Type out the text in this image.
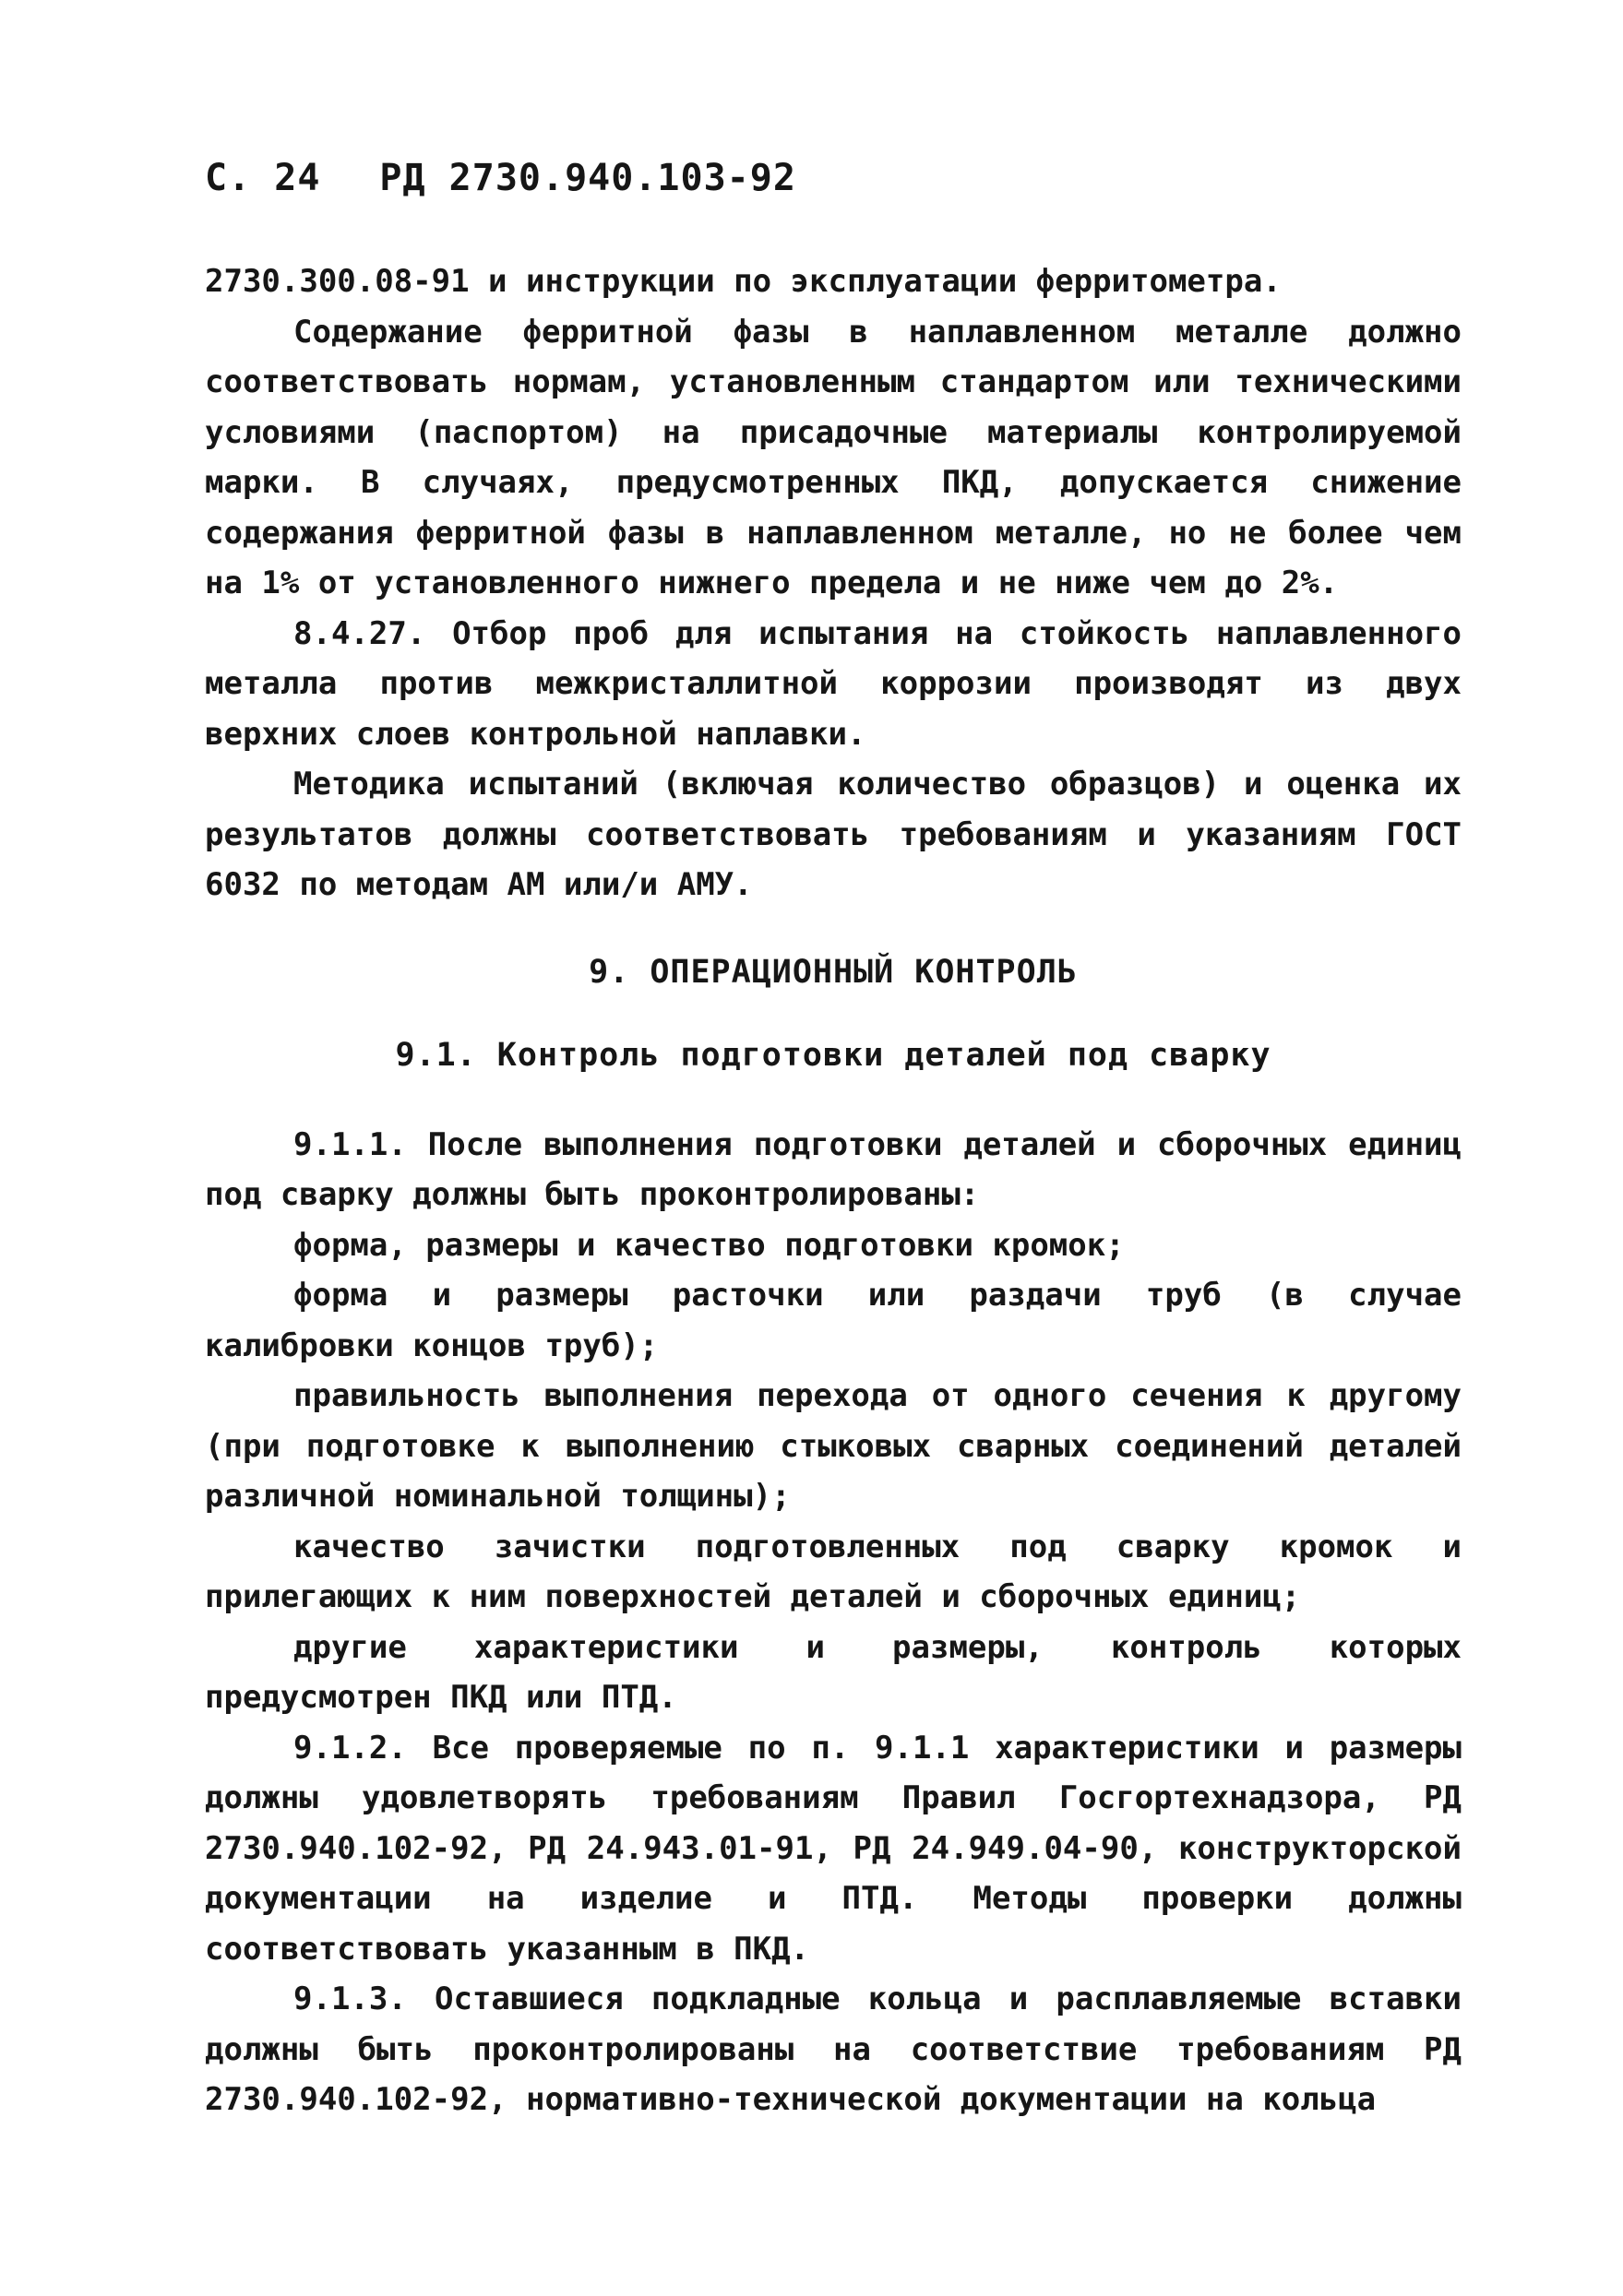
С. 24 РД 2730.940.103-92

2730.300.08-91 и инструкции по эксплуатации ферритометра.

Содержание ферритной фазы в наплавленном металле должно соответствовать нормам, установленным стандартом или техническими условиями (паспортом) на присадочные материалы контролируемой марки. В случаях, предусмотренных ПКД, допускается снижение содержания ферритной фазы в наплавленном металле, но не более чем на 1% от установленного нижнего предела и не ниже чем до 2%.

8.4.27. Отбор проб для испытания на стойкость наплавленного металла против межкристаллитной коррозии производят из двух верхних слоев контрольной наплавки.

Методика испытаний (включая количество образцов) и оценка их результатов должны соответствовать требованиям и указаниям ГОСТ 6032 по методам АМ или/и АМУ.

9. ОПЕРАЦИОННЫЙ КОНТРОЛЬ

9.1. Контроль подготовки деталей под сварку

9.1.1. После выполнения подготовки деталей и сборочных единиц под сварку должны быть проконтролированы:

форма, размеры и качество подготовки кромок;

форма и размеры расточки или раздачи труб (в случае калибровки концов труб);

правильность выполнения перехода от одного сечения к другому (при подготовке к выполнению стыковых сварных соединений деталей различной номинальной толщины);

качество зачистки подготовленных под сварку кромок и прилегающих к ним поверхностей деталей и сборочных единиц;

другие характеристики и размеры, контроль которых предусмотрен ПКД или ПТД.

9.1.2. Все проверяемые по п. 9.1.1 характеристики и размеры должны удовлетворять требованиям Правил Госгортехнадзора, РД 2730.940.102-92, РД 24.943.01-91, РД 24.949.04-90, конструкторской документации на изделие и ПТД. Методы проверки должны соответствовать указанным в ПКД.

9.1.3. Оставшиеся подкладные кольца и расплавляемые вставки должны быть проконтролированы на соответствие требованиям РД 2730.940.102-92, нормативно-технической документации на кольца
